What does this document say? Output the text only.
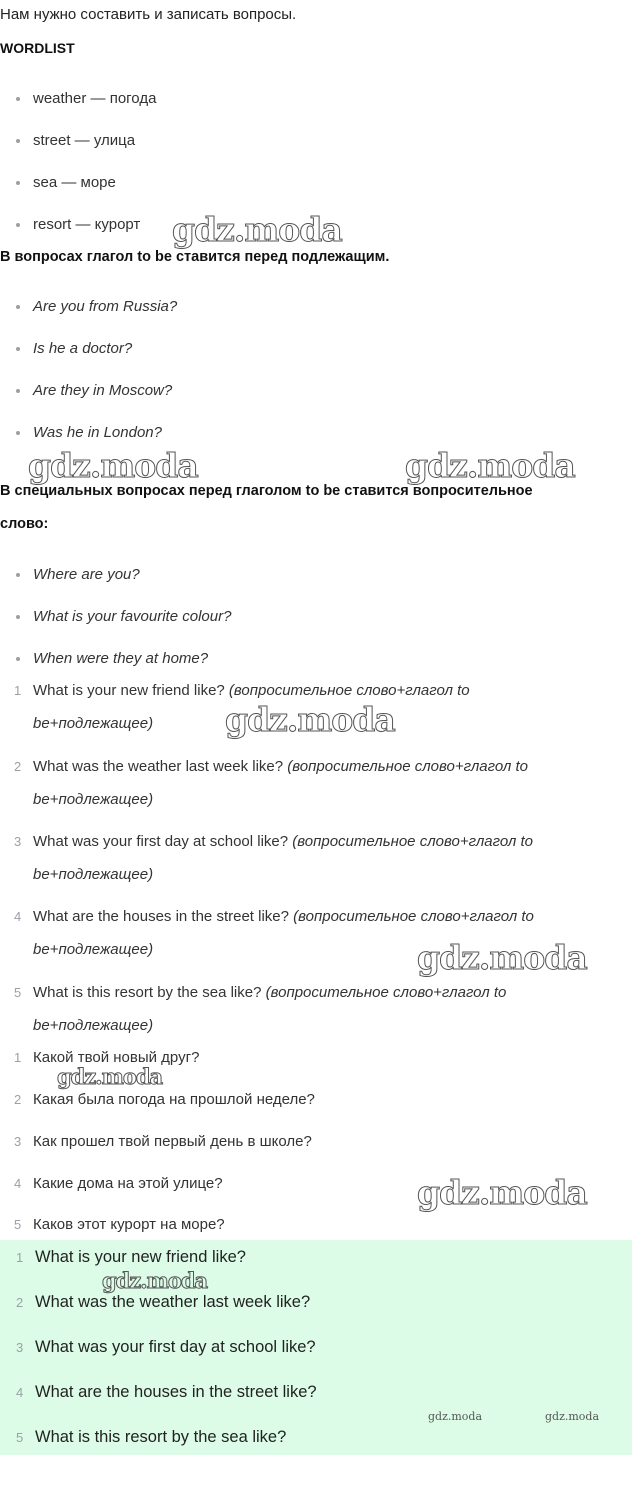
Нам нужно составить и записать вопросы.
WORDLIST
weather — погода
street — улица
sea — море
resort — курорт
В вопросах глагол to be ставится перед подлежащим.
Are you from Russia?
Is he a doctor?
Are they in Moscow?
Was he in London?
В специальных вопросах перед глаголом to be ставится вопросительное
слово:
Where are you?
What is your favourite colour?
When were they at home?
1 What is your new friend like? (вопросительное слово+глагол to
be+подлежащее)
2 What was the weather last week like? (вопросительное слово+глагол to
be+подлежащее)
3 What was your first day at school like? (вопросительное слово+глагол to
be+подлежащее)
4 What are the houses in the street like? (вопросительное слово+глагол to
be+подлежащее)
5 What is this resort by the sea like? (вопросительное слово+глагол to
be+подлежащее)
1 Какой твой новый друг?
2 Какая была погода на прошлой неделе?
3 Как прошел твой первый день в школе?
4 Какие дома на этой улице?
5 Каков этот курорт на море?
1 What is your new friend like?
2 What was the weather last week like?
3 What was your first day at school like?
4 What are the houses in the street like?
5 What is this resort by the sea like?
gdz.moda
gdz.moda	gdz.moda
gdz.moda
gdz.moda
gdz.moda
gdz.moda
gdz.moda
gdz.moda	gdz.moda
